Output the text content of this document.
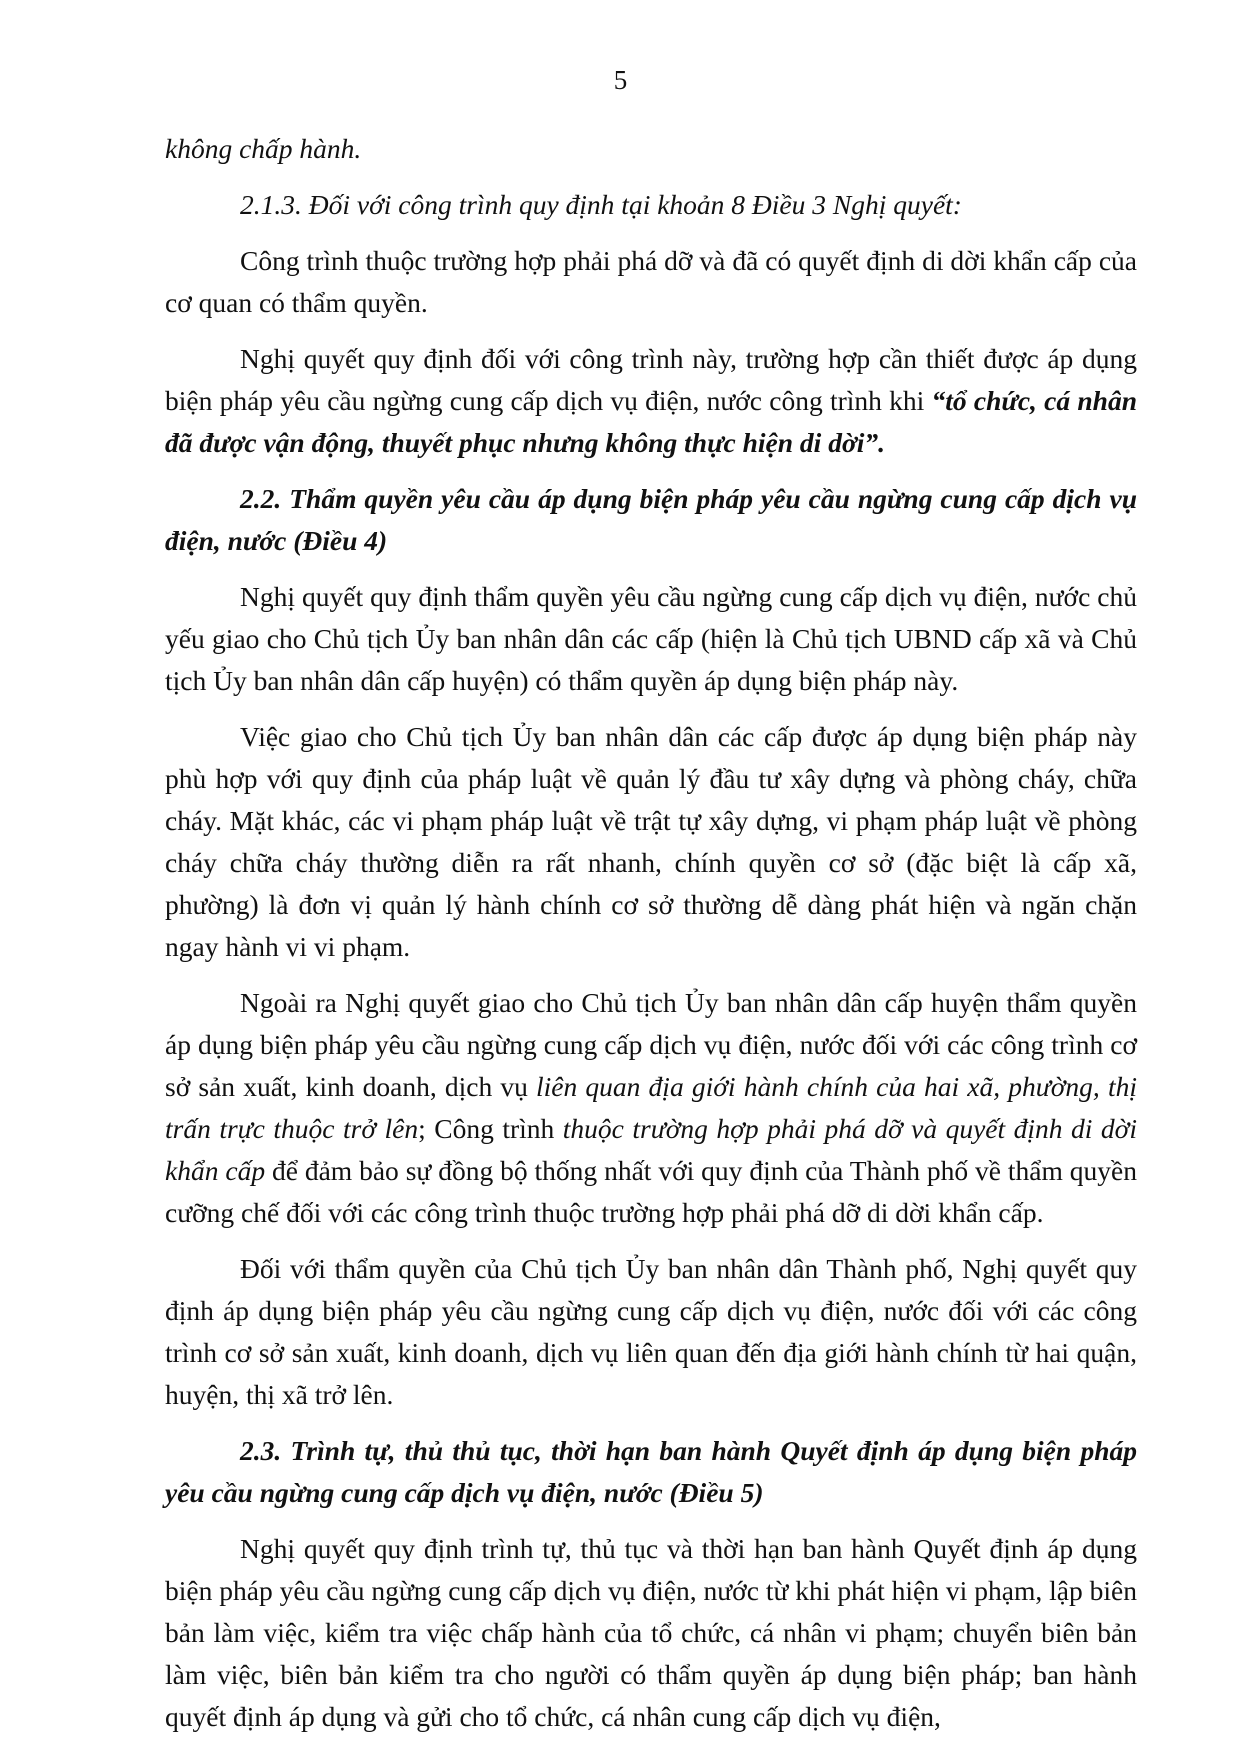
5

không chấp hành.

2.1.3. Đối với công trình quy định tại khoản 8 Điều 3 Nghị quyết:

Công trình thuộc trường hợp phải phá dỡ và đã có quyết định di dời khẩn cấp của cơ quan có thẩm quyền.

Nghị quyết quy định đối với công trình này, trường hợp cần thiết được áp dụng biện pháp yêu cầu ngừng cung cấp dịch vụ điện, nước công trình khi “tổ chức, cá nhân đã được vận động, thuyết phục nhưng không thực hiện di dời”.

2.2. Thẩm quyền yêu cầu áp dụng biện pháp yêu cầu ngừng cung cấp dịch vụ điện, nước (Điều 4)

Nghị quyết quy định thẩm quyền yêu cầu ngừng cung cấp dịch vụ điện, nước chủ yếu giao cho Chủ tịch Ủy ban nhân dân các cấp (hiện là Chủ tịch UBND cấp xã và Chủ tịch Ủy ban nhân dân cấp huyện) có thẩm quyền áp dụng biện pháp này.

Việc giao cho Chủ tịch Ủy ban nhân dân các cấp được áp dụng biện pháp này phù hợp với quy định của pháp luật về quản lý đầu tư xây dựng và phòng cháy, chữa cháy. Mặt khác, các vi phạm pháp luật về trật tự xây dựng, vi phạm pháp luật về phòng cháy chữa cháy thường diễn ra rất nhanh, chính quyền cơ sở (đặc biệt là cấp xã, phường) là đơn vị quản lý hành chính cơ sở thường dễ dàng phát hiện và ngăn chặn ngay hành vi vi phạm.

Ngoài ra Nghị quyết giao cho Chủ tịch Ủy ban nhân dân cấp huyện thẩm quyền áp dụng biện pháp yêu cầu ngừng cung cấp dịch vụ điện, nước đối với các công trình cơ sở sản xuất, kinh doanh, dịch vụ liên quan địa giới hành chính của hai xã, phường, thị trấn trực thuộc trở lên; Công trình thuộc trường hợp phải phá dỡ và quyết định di dời khẩn cấp để đảm bảo sự đồng bộ thống nhất với quy định của Thành phố về thẩm quyền cưỡng chế đối với các công trình thuộc trường hợp phải phá dỡ di dời khẩn cấp.

Đối với thẩm quyền của Chủ tịch Ủy ban nhân dân Thành phố, Nghị quyết quy định áp dụng biện pháp yêu cầu ngừng cung cấp dịch vụ điện, nước đối với các công trình cơ sở sản xuất, kinh doanh, dịch vụ liên quan đến địa giới hành chính từ hai quận, huyện, thị xã trở lên.

2.3. Trình tự, thủ thủ tục, thời hạn ban hành Quyết định áp dụng biện pháp yêu cầu ngừng cung cấp dịch vụ điện, nước (Điều 5)

Nghị quyết quy định trình tự, thủ tục và thời hạn ban hành Quyết định áp dụng biện pháp yêu cầu ngừng cung cấp dịch vụ điện, nước từ khi phát hiện vi phạm, lập biên bản làm việc, kiểm tra việc chấp hành của tổ chức, cá nhân vi phạm; chuyển biên bản làm việc, biên bản kiểm tra cho người có thẩm quyền áp dụng biện pháp; ban hành quyết định áp dụng và gửi cho tổ chức, cá nhân cung cấp dịch vụ điện,
